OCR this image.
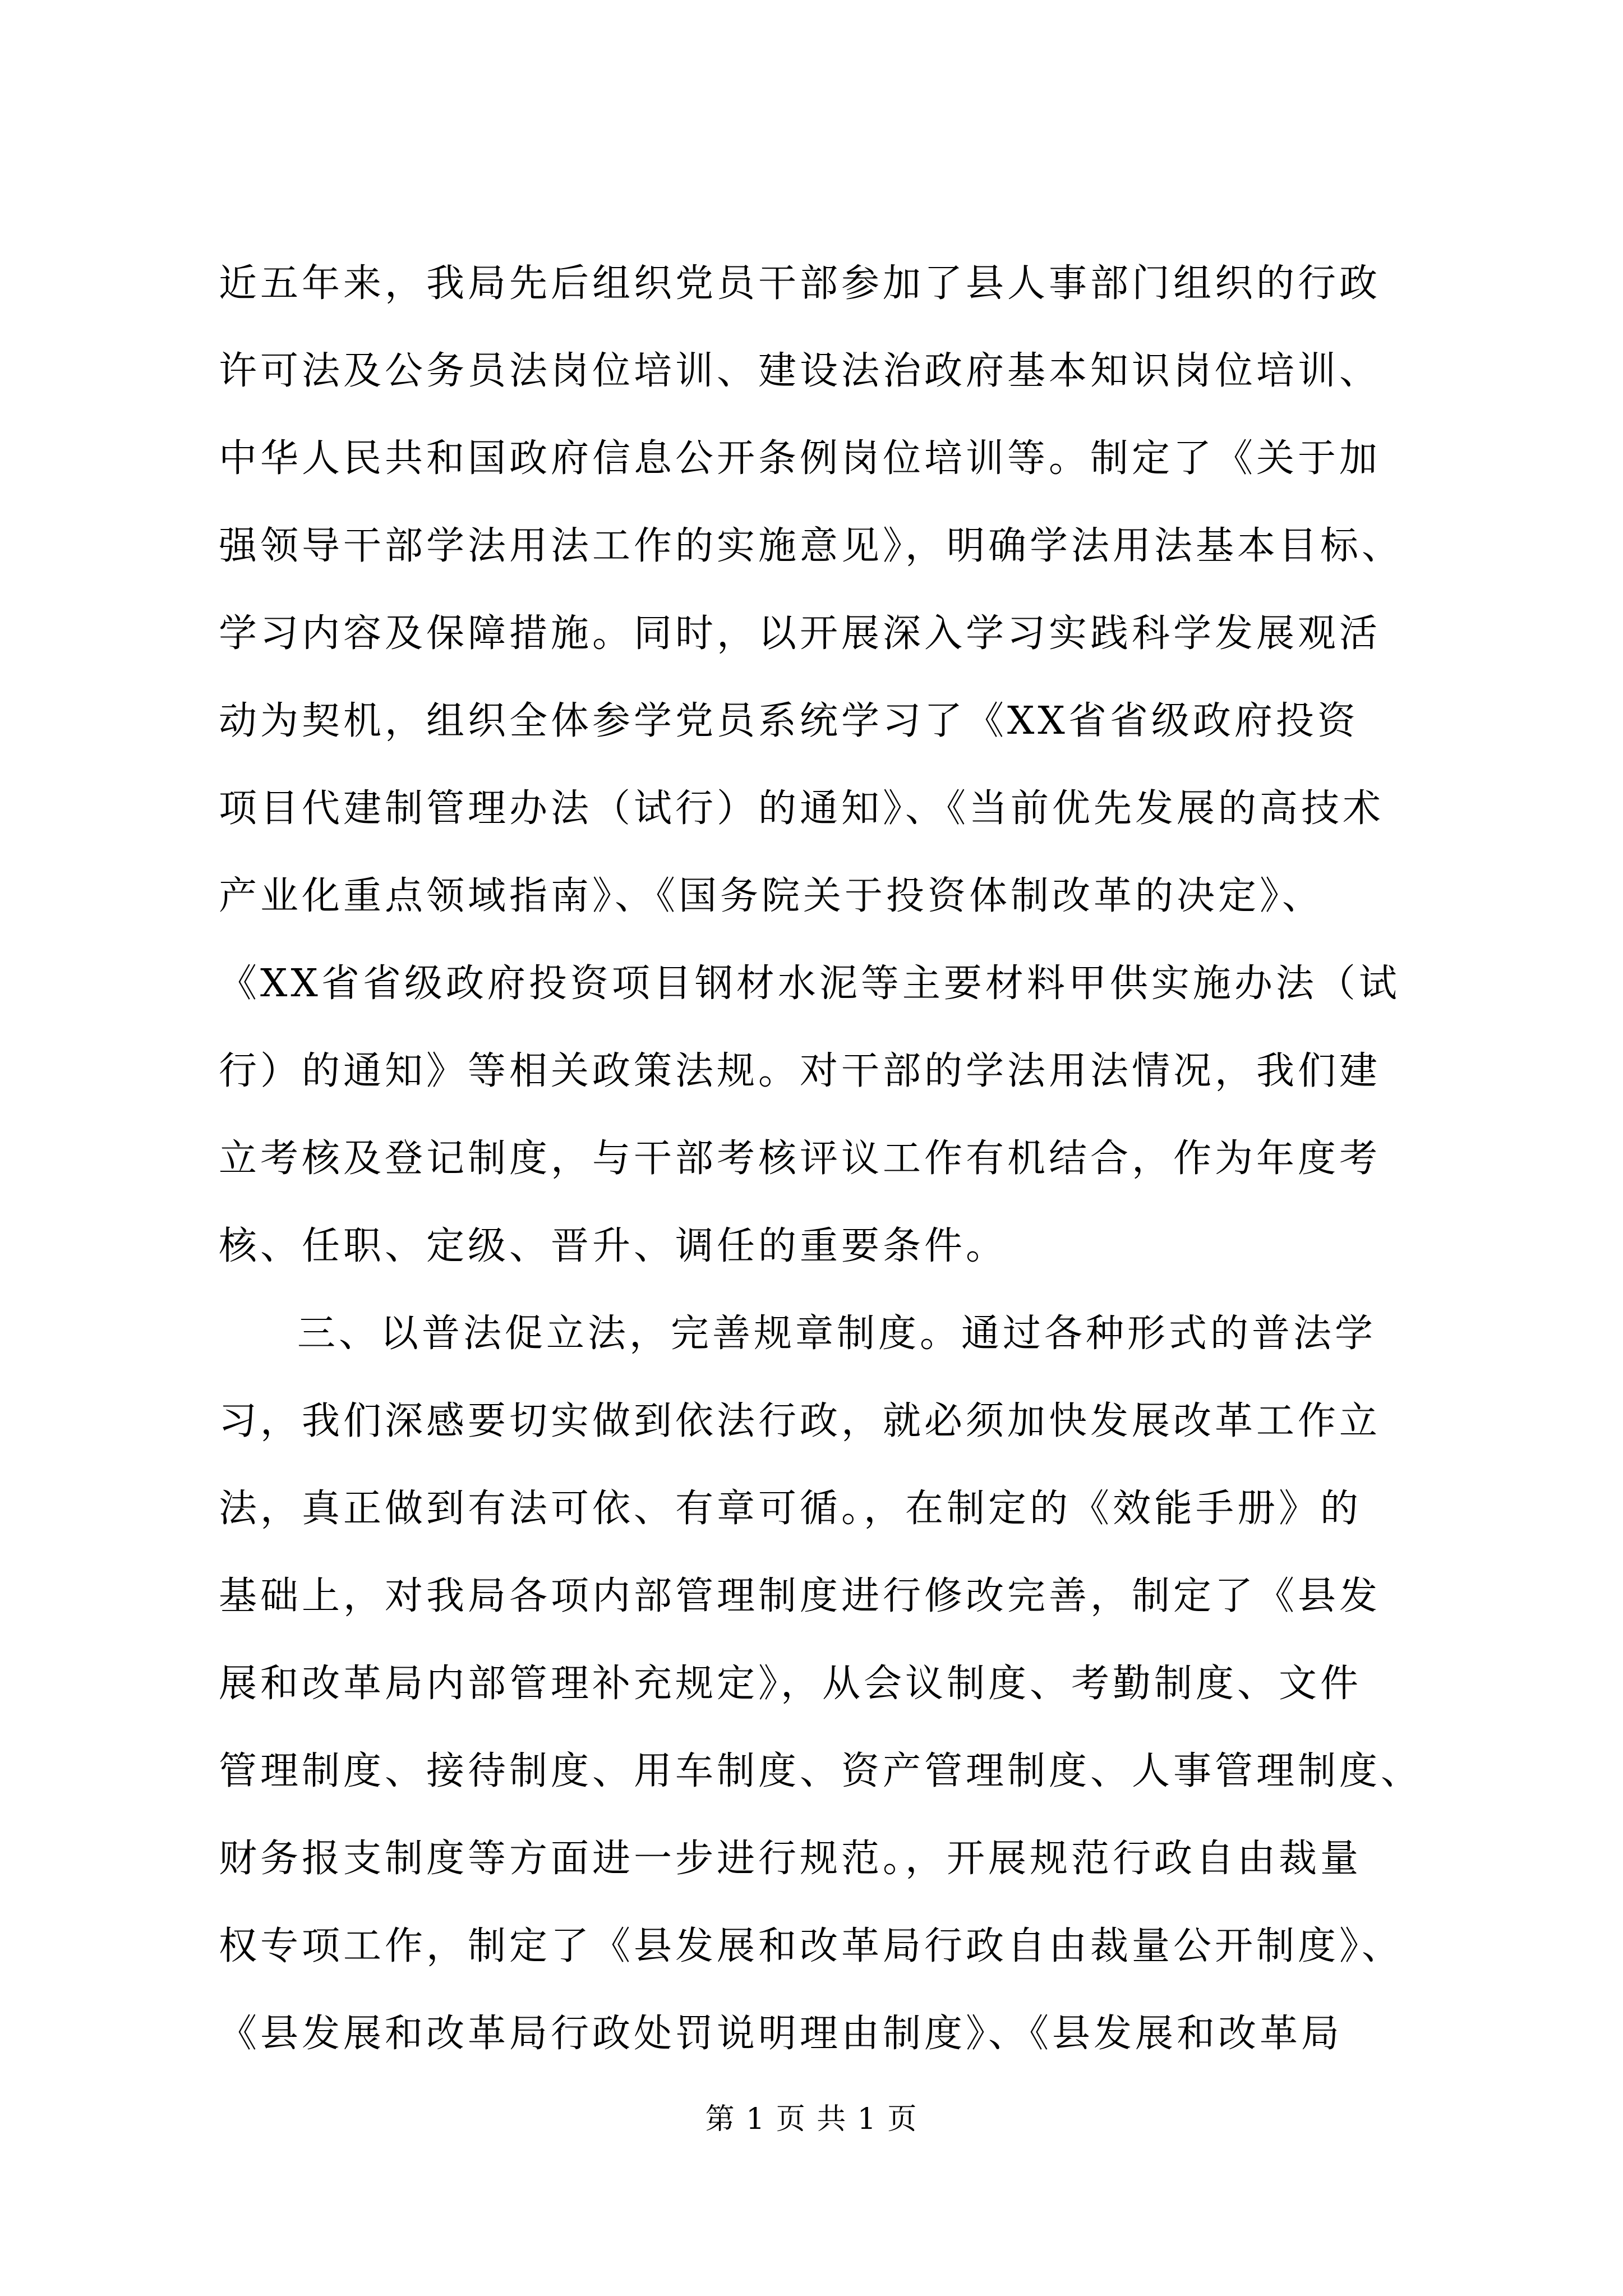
近五年来，我局先后组织党员干部参加了县人事部门组织的行政
许可法及公务员法岗位培训、建设法治政府基本知识岗位培训、
中华人民共和国政府信息公开条例岗位培训等。制定了《关于加
强领导干部学法用法工作的实施意见》，明确学法用法基本目标、
学习内容及保障措施。同时，以开展深入学习实践科学发展观活
动为契机，组织全体参学党员系统学习了《XX省省级政府投资
项目代建制管理办法（试行）的通知》、《当前优先发展的高技术
产业化重点领域指南》、《国务院关于投资体制改革的决定》、
《XX省省级政府投资项目钢材水泥等主要材料甲供实施办法（试
行）的通知》等相关政策法规。对干部的学法用法情况，我们建
立考核及登记制度，与干部考核评议工作有机结合，作为年度考
核、任职、定级、晋升、调任的重要条件。
三、以普法促立法，完善规章制度。通过各种形式的普法学
习，我们深感要切实做到依法行政，就必须加快发展改革工作立
法，真正做到有法可依、有章可循。，在制定的《效能手册》的
基础上，对我局各项内部管理制度进行修改完善，制定了《县发
展和改革局内部管理补充规定》，从会议制度、考勤制度、文件
管理制度、接待制度、用车制度、资产管理制度、人事管理制度、
财务报支制度等方面进一步进行规范。，开展规范行政自由裁量
权专项工作，制定了《县发展和改革局行政自由裁量公开制度》、
《县发展和改革局行政处罚说明理由制度》、《县发展和改革局
第 1 页 共 1 页
